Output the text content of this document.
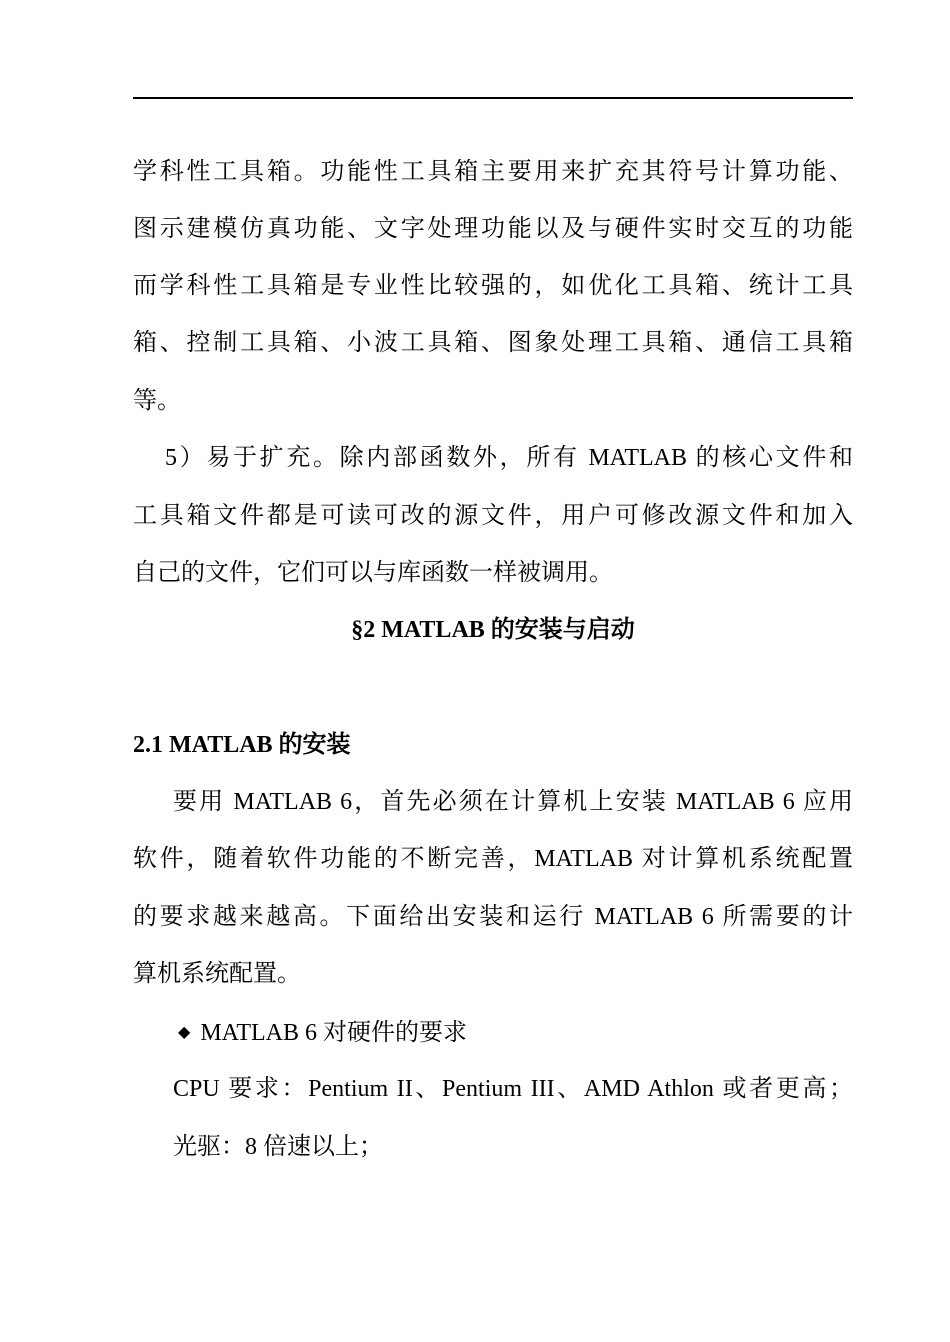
学科性工具箱。功能性工具箱主要用来扩充其符号计算功能、
图示建模仿真功能、文字处理功能以及与硬件实时交互的功能
而学科性工具箱是专业性比较强的，如优化工具箱、统计工具
箱、控制工具箱、小波工具箱、图象处理工具箱、通信工具箱
等。
5）易于扩充。除内部函数外，所有 MATLAB 的核心文件和
工具箱文件都是可读可改的源文件，用户可修改源文件和加入
自己的文件，它们可以与库函数一样被调用。
§2 MATLAB 的安装与启动
2.1 MATLAB 的安装
要用 MATLAB 6，首先必须在计算机上安装 MATLAB 6 应用
软件，随着软件功能的不断完善，MATLAB 对计算机系统配置
的要求越来越高。下面给出安装和运行 MATLAB 6 所需要的计
算机系统配置。
◆ MATLAB 6 对硬件的要求
CPU 要求：Pentium II、Pentium III、AMD Athlon 或者更高；
光驱：8 倍速以上；
